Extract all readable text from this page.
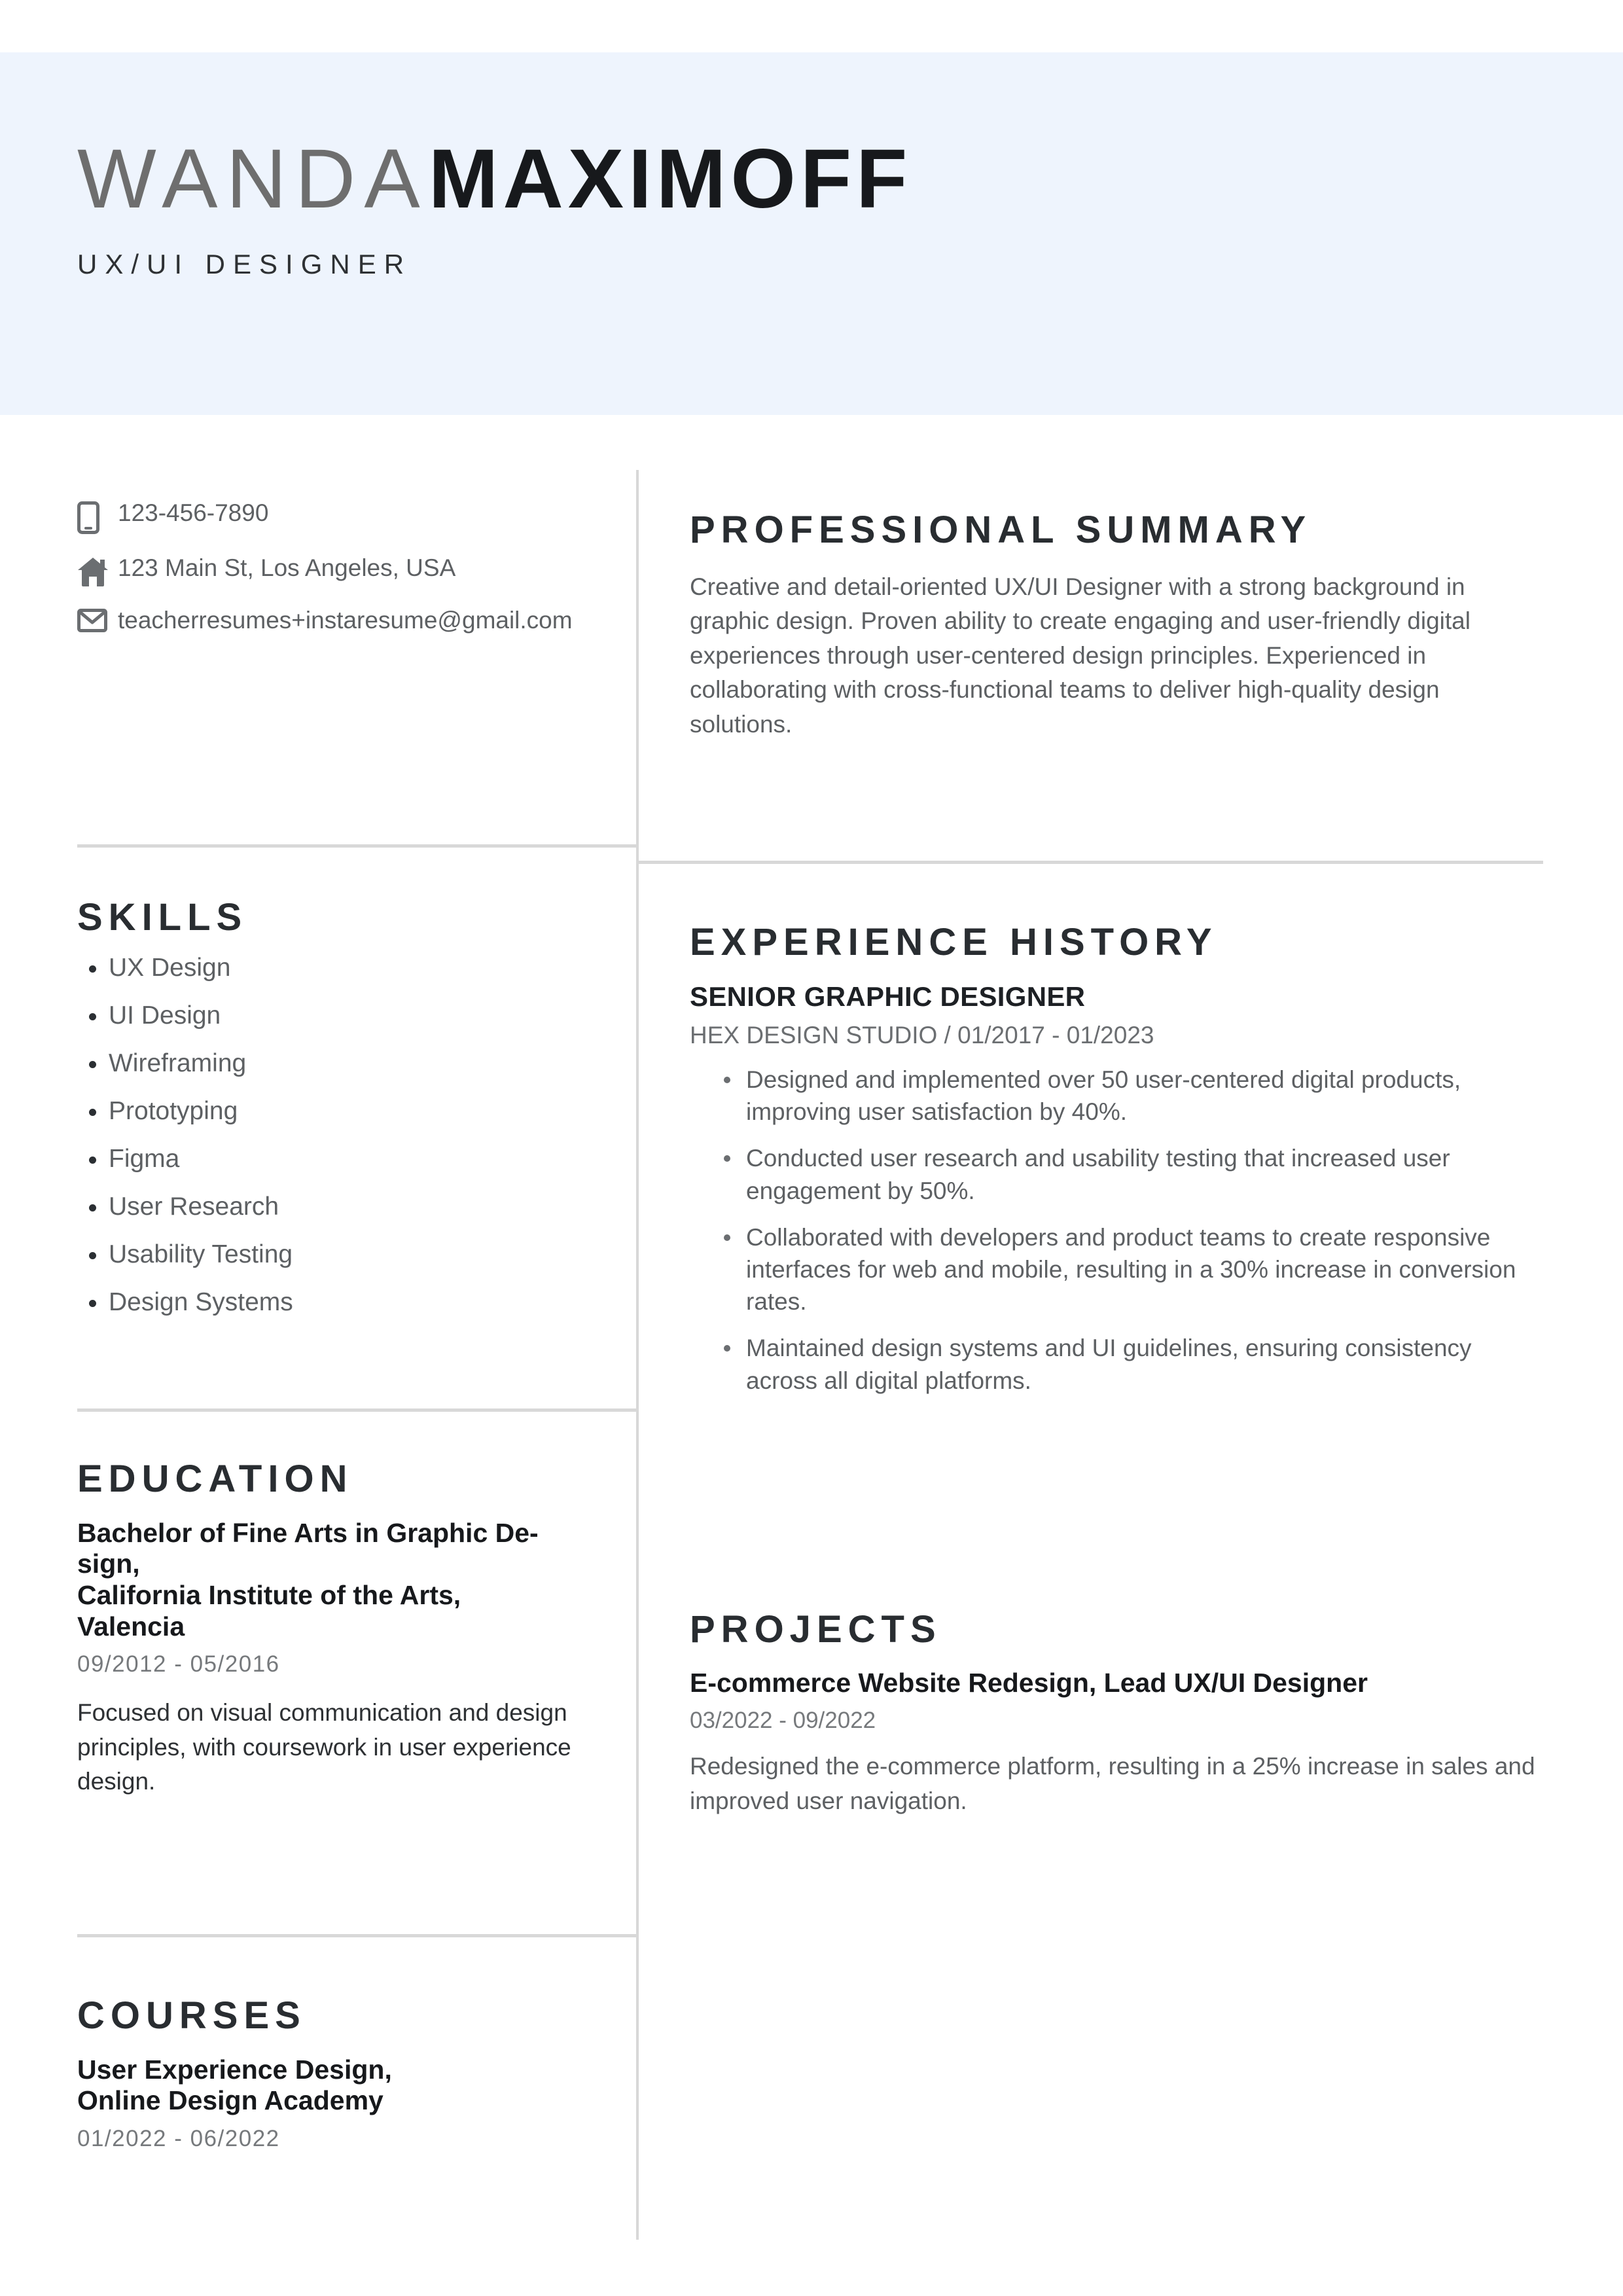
WANDAMAXIMOFF
UX/UI DESIGNER
123-456-7890
123 Main St, Los Angeles, USA
teacherresumes+instaresume@gmail.com
SKILLS
UX Design
UI Design
Wireframing
Prototyping
Figma
User Research
Usability Testing
Design Systems
EDUCATION
Bachelor of Fine Arts in Graphic De-
sign,
California Institute of the Arts,
Valencia
09/2012 - 05/2016

Focused on visual communication and design principles, with coursework in user experience design.

COURSES
User Experience Design,
Online Design Academy
01/2022 - 06/2022
PROFESSIONAL SUMMARY

Creative and detail-oriented UX/UI Designer with a strong background in graphic design. Proven ability to create engaging and user-friendly digital experiences through user-centered design principles. Experienced in collaborating with cross-functional teams to deliver high-quality design solutions.

EXPERIENCE HISTORY
SENIOR GRAPHIC DESIGNER
HEX DESIGN STUDIO / 01/2017 - 01/2023
Designed and implemented over 50 user-centered digital products, improving user satisfaction by 40%.
Conducted user research and usability testing that increased user engagement by 50%.
Collaborated with developers and product teams to create responsive interfaces for web and mobile, resulting in a 30% increase in conversion rates.
Maintained design systems and UI guidelines, ensuring consistency across all digital platforms.
PROJECTS
E-commerce Website Redesign, Lead UX/UI Designer
03/2022 - 09/2022

Redesigned the e-commerce platform, resulting in a 25% increase in sales and improved user navigation.
